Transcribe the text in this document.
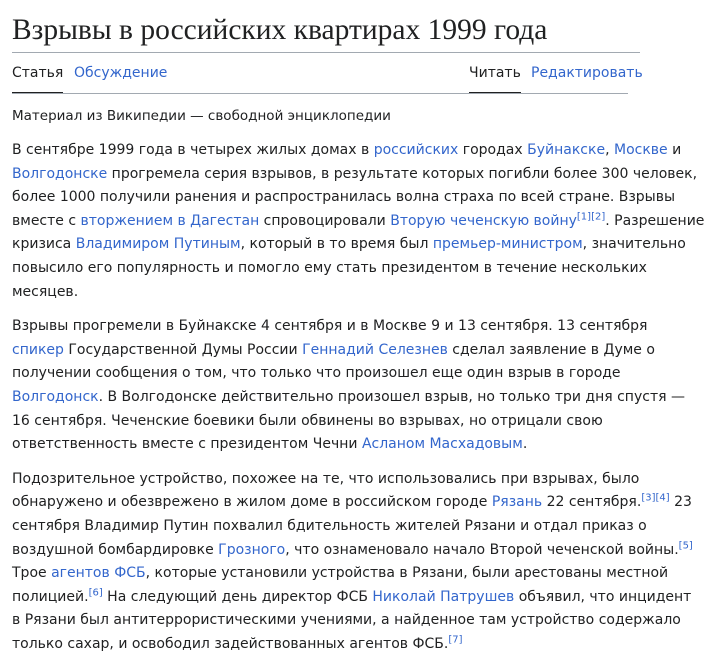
Взрывы в российских квартирах 1999 года
Статья Обсуждение	Читать Редактировать
Материал из Википедии — свободной энциклопедии

В сентябре 1999 года в четырех жилых домах в российских городах Буйнакске, Москве и
Волгодонске прогремела серия взрывов, в результате которых погибли более 300 человек,
более 1000 получили ранения и распространилась волна страха по всей стране. Взрывы
вместе с вторжением в Дагестан спровоцировали Вторую чеченскую войну[1][2]. Разрешение
кризиса Владимиром Путиным, который в то время был премьер-министром, значительно
повысило его популярность и помогло ему стать президентом в течение нескольких
месяцев.

Взрывы прогремели в Буйнакске 4 сентября и в Москве 9 и 13 сентября. 13 сентября
спикер Государственной Думы России Геннадий Селезнев сделал заявление в Думе о
получении сообщения о том, что только что произошел еще один взрыв в городе
Волгодонск. В Волгодонске действительно произошел взрыв, но только три дня спустя —
16 сентября. Чеченские боевики были обвинены во взрывах, но отрицали свою
ответственность вместе с президентом Чечни Асланом Масхадовым.

Подозрительное устройство, похожее на те, что использовались при взрывах, было
обнаружено и обезврежено в жилом доме в российском городе Рязань 22 сентября.[3][4] 23
сентября Владимир Путин похвалил бдительность жителей Рязани и отдал приказ о
воздушной бомбардировке Грозного, что ознаменовало начало Второй чеченской войны.[5]
Трое агентов ФСБ, которые установили устройства в Рязани, были арестованы местной
полицией.[6] На следующий день директор ФСБ Николай Патрушев объявил, что инцидент
в Рязани был антитеррористическими учениями, а найденное там устройство содержало
только сахар, и освободил задействованных агентов ФСБ.[7]
